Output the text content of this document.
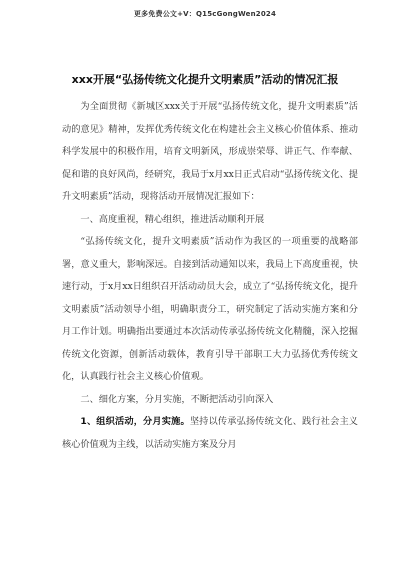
更多免费公文+V：Q15cGongWen2024
xxx开展“弘扬传统文化提升文明素质”活动的情况汇报

为全面贯彻《新城区xxx关于开展“弘扬传统文化，提升文明素质”活动的意见》精神，发挥优秀传统文化在构建社会主义核心价值体系、推动科学发展中的积极作用，培育文明新风，形成崇荣辱、讲正气、作奉献、促和谐的良好风尚，经研究，我局于x月xx日正式启动“弘扬传统文化、提升文明素质”活动，现将活动开展情况汇报如下：

一、高度重视，精心组织，推进活动顺利开展

“弘扬传统文化，提升文明素质”活动作为我区的一项重要的战略部署，意义重大，影响深远。自接到活动通知以来，我局上下高度重视，快速行动，于x月xx日组织召开活动动员大会，成立了“弘扬传统文化，提升文明素质”活动领导小组，明确职责分工，研究制定了活动实施方案和分月工作计划。明确指出要通过本次活动传承弘扬传统文化精髓，深入挖掘传统文化资源，创新活动载体，教育引导干部职工大力弘扬优秀传统文化，认真践行社会主义核心价值观。

二、细化方案，分月实施，不断把活动引向深入

1、组织活动，分月实施。坚持以传承弘扬传统文化、践行社会主义核心价值观为主线，以活动实施方案及分月
